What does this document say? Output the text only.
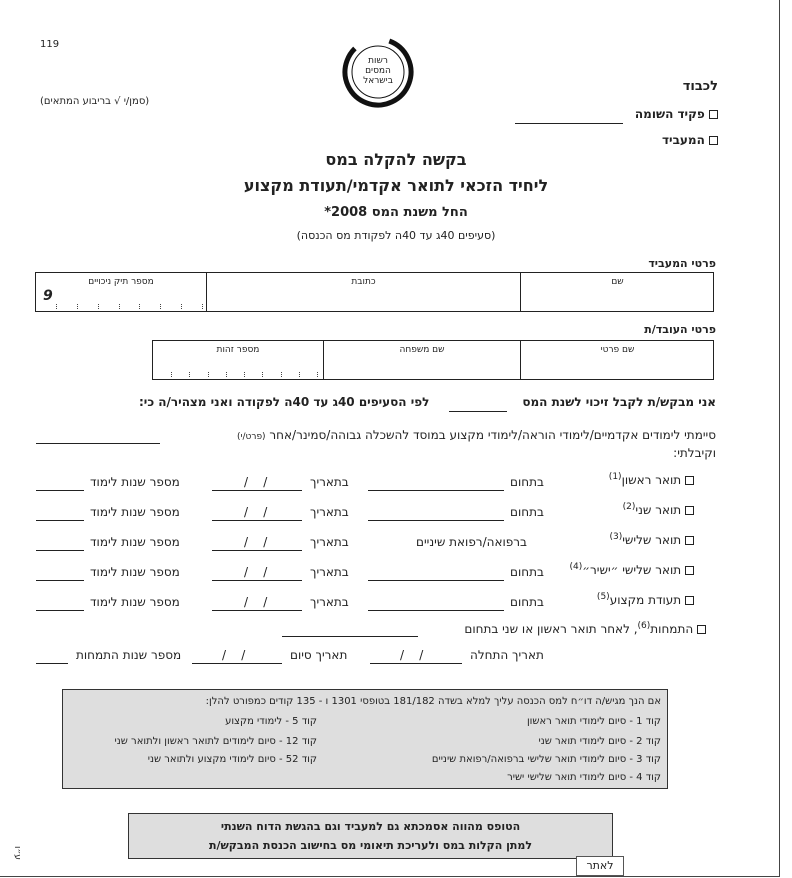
119
רשות
המסים
בישראל
(סמן/י √ בריבוע המתאים)
לכבוד
פקיד השומה
המעביד
בקשה להקלה במס
ליחיד הזכאי לתואר אקדמי/תעודת מקצוע
החל משנת המס 2008*
(סעיפים 40ג עד 40ה לפקודת מס הכנסה)
פרטי המעביד
שם
כתובת
מספר תיק ניכויים
9
פרטי העובד/ת
שם פרטי
שם משפחה
מספר זהות
אני מבקש/ת לקבל זיכוי לשנת המס
לפי הסעיפים 40ג עד 40ה לפקודה ואני מצהיר/ה כי:
סיימתי לימודים אקדמיים/לימודי הוראה/לימודי מקצוע במוסד להשכלה גבוהה/סמינר/אחר (פרט/י)
וקיבלתי:
תואר ראשון$^{(1)}$
בתחום
בתאריך
/    /
מספר שנות לימוד
תואר שני$^{(2)}$
בתחום
בתאריך
/    /
מספר שנות לימוד
תואר שלישי$^{(3)}$
ברפואה/רפואת שיניים
בתאריך
/    /
מספר שנות לימוד
תואר שלישי ״ישיר״$^{(4)}$
בתחום
בתאריך
/    /
מספר שנות לימוד
תעודת מקצוע$^{(5)}$
בתחום
בתאריך
/    /
מספר שנות לימוד
התמחות$^{(6)}$, לאחר תואר ראשון או שני בתחום
תאריך התחלה
/    /
תאריך סיום
/    /
מספר שנות התמחות
אם הנך מגיש/ה דו״ח למס הכנסה עליך למלא בשדה 181/182 בטופסי 1301 ו - 135 קודים כמפורט להלן:
קוד 1 - סיום לימודי תואר ראשון
קוד 2 - סיום לימודי תואר שני
קוד 3 - סיום לימודי תואר שלישי ברפואה/רפואת שיניים
קוד 4 - סיום לימודי תואר שלישי ישיר
קוד 5 - לימודי מקצוע
קוד 12 - סיום לימודים לתואר ראשון ולתואר שני
קוד 52 - סיום לימודי מקצוע ולתואר שני
הטופס מהווה אסמכתא גם למעביד וגם בהגשת הדוח השנתי
למתן הקלות במס ולעריכת תיאומי מס בחישוב הכנסת המבקש/ת
ע״ו
לאתר
